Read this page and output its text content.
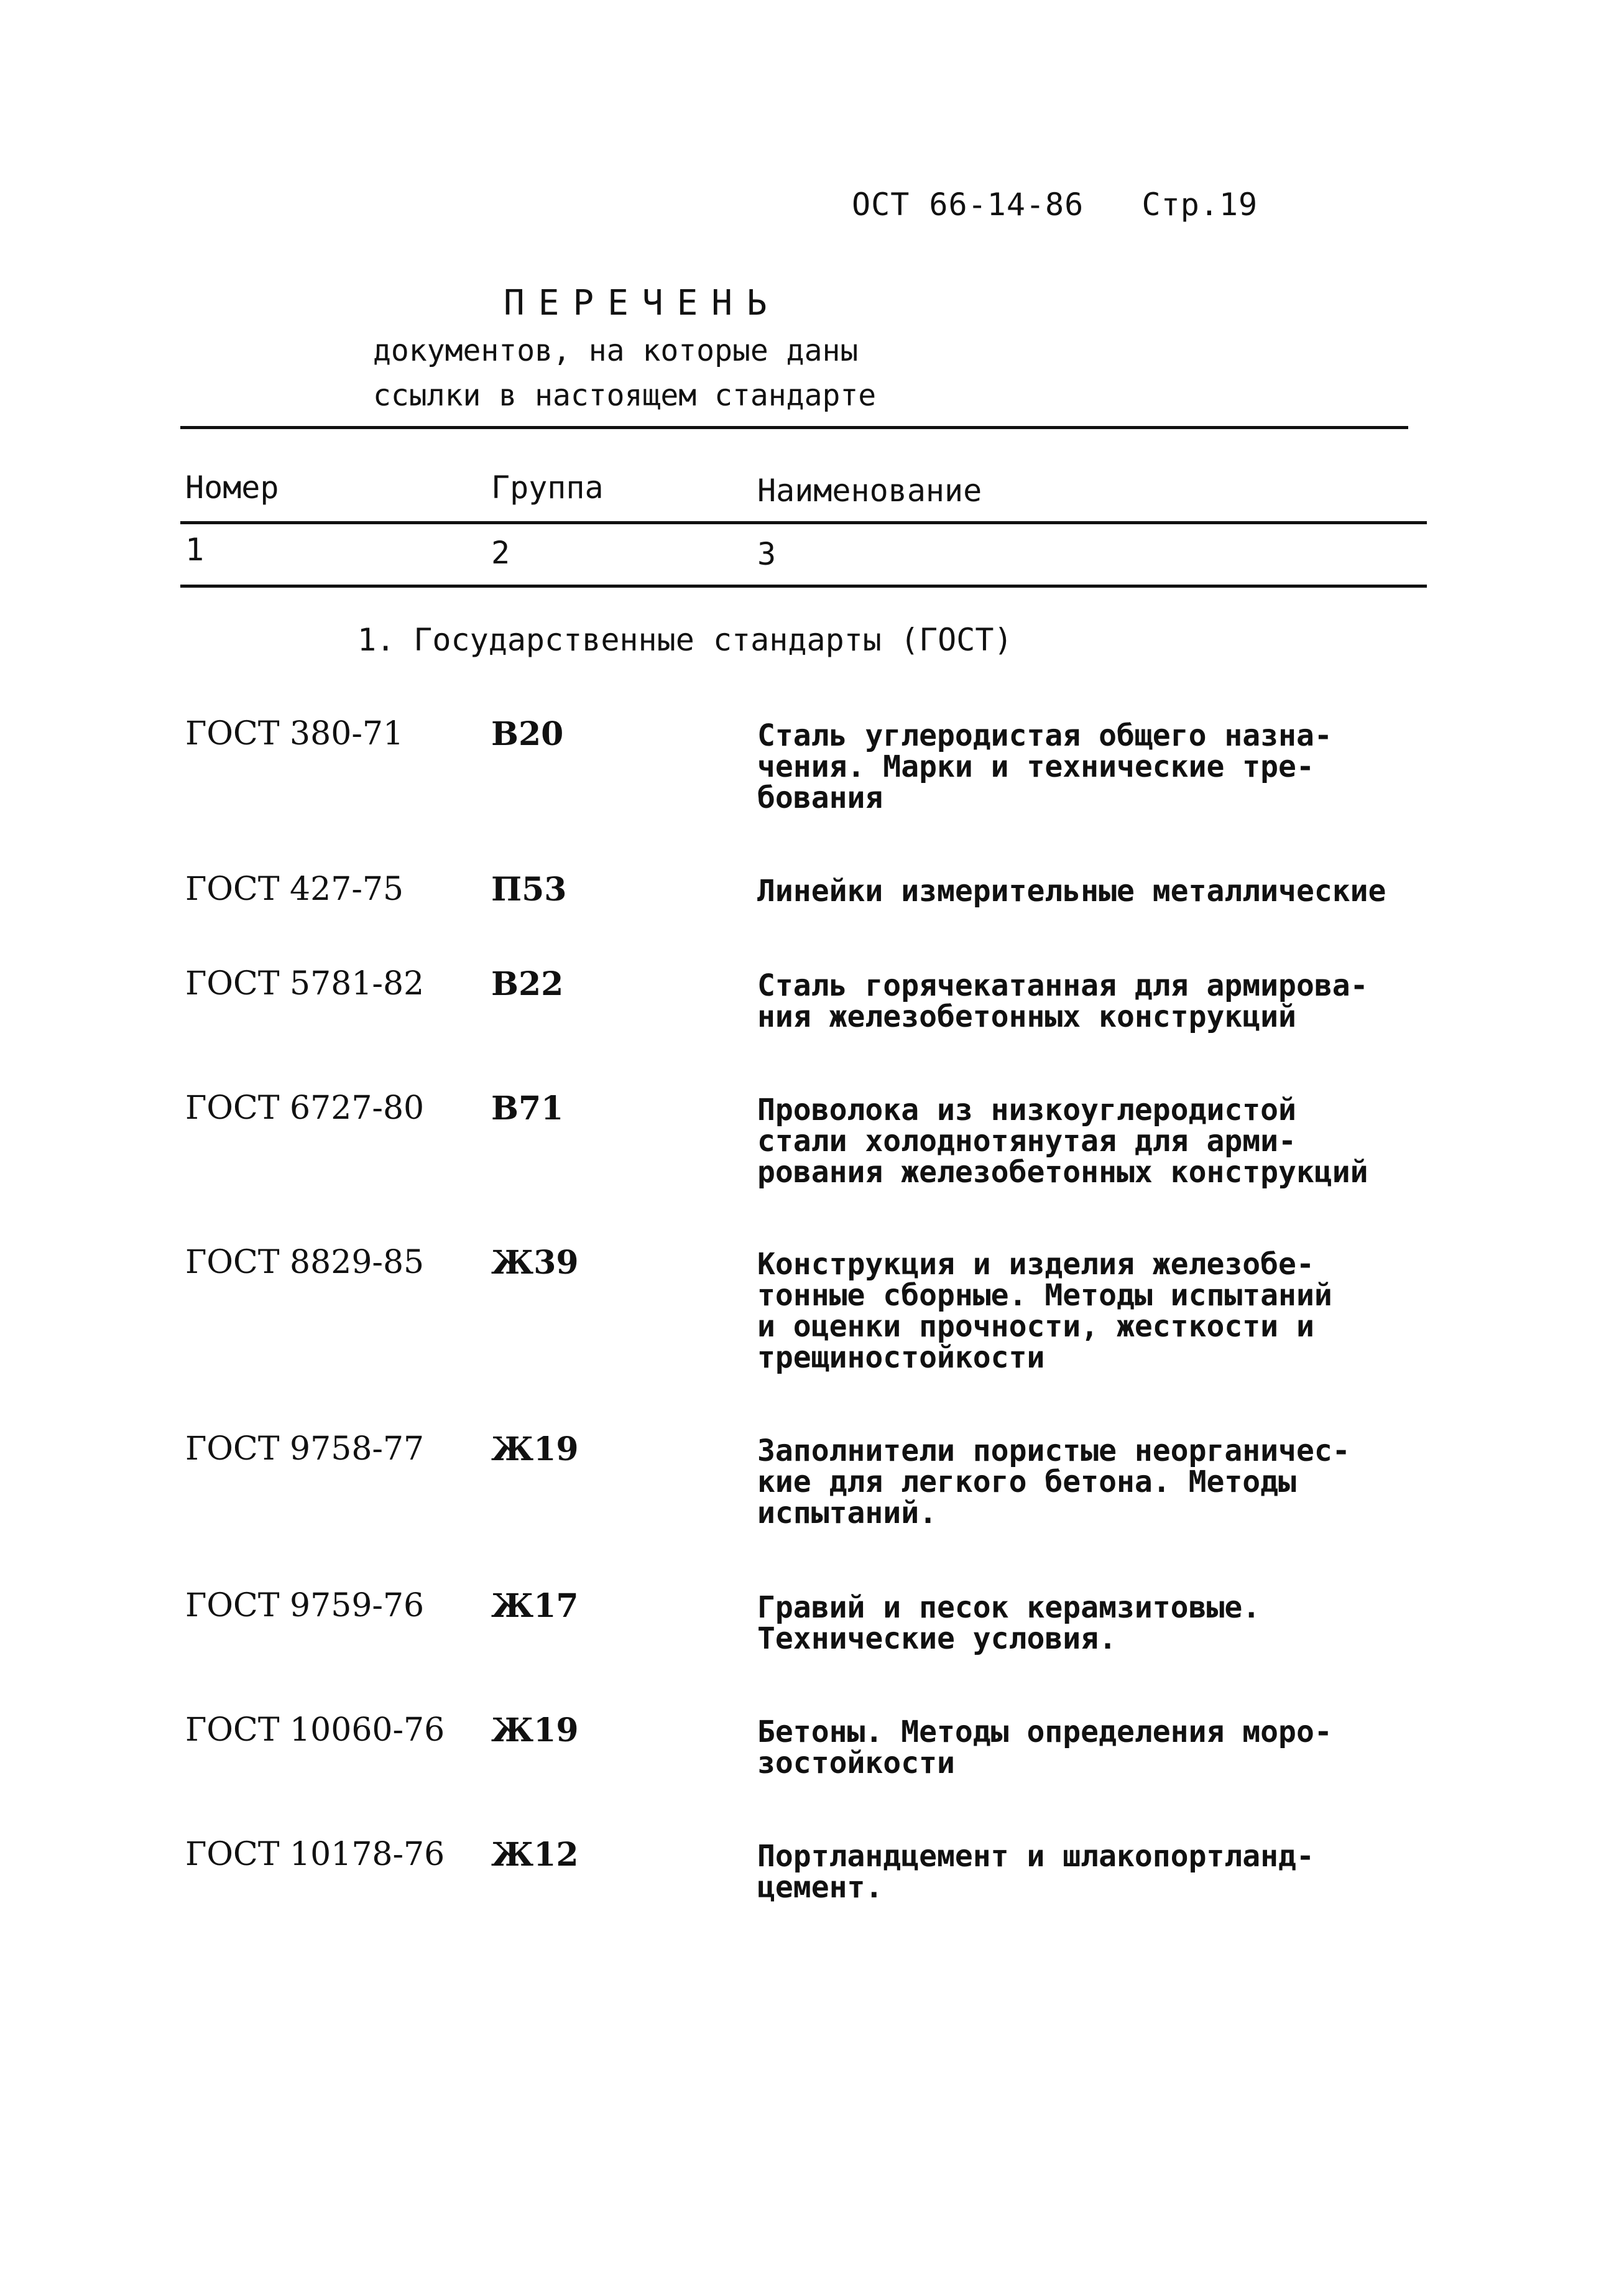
ОСТ 66-14-86   Стр.19
ПЕРЕЧЕНЬ
документов, на которые даны
ссылки в настоящем стандарте
Номер	Группа	Наименование
1	2	3
1. Государственные стандарты (ГОСТ)
ГОСТ 380-71	В20	Сталь углеродистая общего назна-
чения. Марки и технические тре-
бования
ГОСТ 427-75	П53	Линейки измерительные металлические
ГОСТ 5781-82 В22	Сталь горячекатанная для армирова-
ния железобетонных конструкций
ГОСТ 6727-80 В71	Проволока из низкоуглеродистой
стали холоднотянутая для арми-
рования железобетонных конструкций
ГОСТ 8829-85 Ж39	Конструкция и изделия железобе-
тонные сборные. Методы испытаний
и оценки прочности, жесткости и
трещиностойкости
ГОСТ 9758-77 Ж19	Заполнители пористые неорганичес-
кие для легкого бетона. Методы
испытаний.
ГОСТ 9759-76 Ж17	Гравий и песок керамзитовые.
Технические условия.
ГОСТ 10060-76 Ж19	Бетоны. Методы определения моро-
зостойкости
ГОСТ 10178-76 Ж12	Портландцемент и шлакопортланд-
цемент.
